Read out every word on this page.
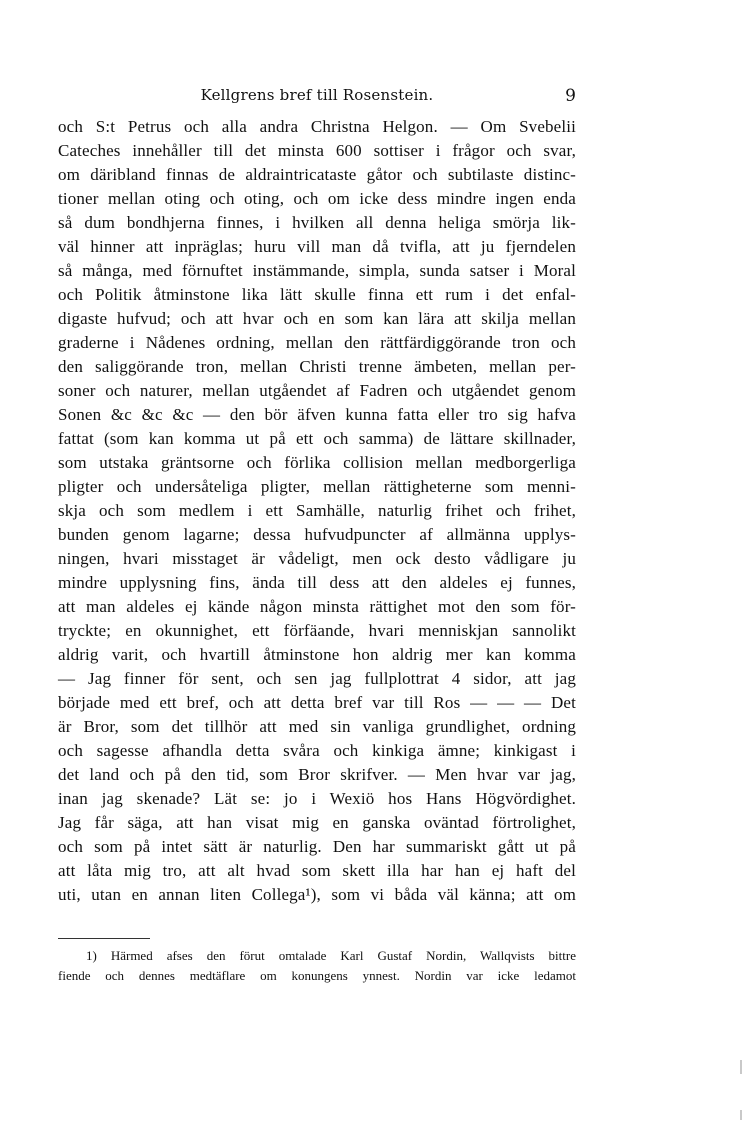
Kellgrens bref till Rosenstein.	9
och S:t Petrus och alla andra Christna Helgon. — Om Svebelii
Cateches innehåller till det minsta 600 sottiser i frågor och svar,
om däribland finnas de aldraintricataste gåtor och subtilaste distinc-
tioner mellan oting och oting, och om icke dess mindre ingen enda
så dum bondhjerna finnes, i hvilken all denna heliga smörja lik-
väl hinner att inpräglas; huru vill man då tvifla, att ju fjerndelen
så många, med förnuftet instämmande, simpla, sunda satser i Moral
och Politik åtminstone lika lätt skulle finna ett rum i det enfal-
digaste hufvud; och att hvar och en som kan lära att skilja mellan
graderne i Nådenes ordning, mellan den rättfärdiggörande tron och
den saliggörande tron, mellan Christi trenne ämbeten, mellan per-
soner och naturer, mellan utgåendet af Fadren och utgåendet genom
Sonen &c &c &c — den bör äfven kunna fatta eller tro sig hafva
fattat (som kan komma ut på ett och samma) de lättare skillnader,
som utstaka gräntsorne och förlika collision mellan medborgerliga
pligter och undersåteliga pligter, mellan rättigheterne som menni-
skja och som medlem i ett Samhälle, naturlig frihet och frihet,
bunden genom lagarne; dessa hufvudpuncter af allmänna upplys-
ningen, hvari misstaget är vådeligt, men ock desto vådligare ju
mindre upplysning fins, ända till dess att den aldeles ej funnes,
att man aldeles ej kände någon minsta rättighet mot den som för-
tryckte; en okunnighet, ett förfäande, hvari menniskjan sannolikt
aldrig varit, och hvartill åtminstone hon aldrig mer kan komma
— Jag finner för sent, och sen jag fullplottrat 4 sidor, att jag
började med ett bref, och att detta bref var till Ros — — — Det
är Bror, som det tillhör att med sin vanliga grundlighet, ordning
och sagesse afhandla detta svåra och kinkiga ämne; kinkigast i
det land och på den tid, som Bror skrifver. — Men hvar var jag,
inan jag skenade? Lät se: jo i Wexiö hos Hans Högvördighet.
Jag får säga, att han visat mig en ganska oväntad förtrolighet,
och som på intet sätt är naturlig. Den har summariskt gått ut på
att låta mig tro, att alt hvad som skett illa har han ej haft del
uti, utan en annan liten Collega¹), som vi båda väl känna; att om
1) Härmed afses den förut omtalade Karl Gustaf Nordin, Wallqvists bittre
fiende och dennes medtäflare om konungens ynnest. Nordin var icke ledamot
